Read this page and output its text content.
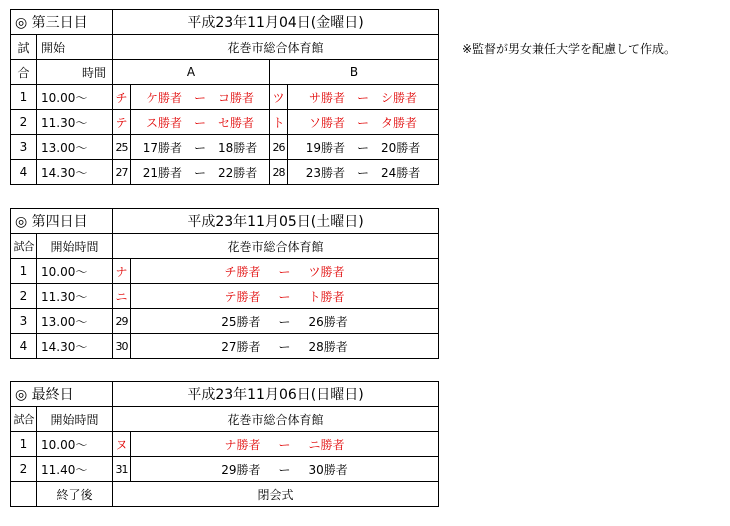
◎ 第三日目		平成23年11月04日(金曜日)			
試	開始	花巻市総合体育館			
合	時間	A		B	
1	10.00～	チ	ケ勝者 ー コ勝者	ツ	サ勝者 ー シ勝者
2	11.30～	テ	ス勝者 ー セ勝者	ト	ソ勝者 ー タ勝者
3	13.00～	25	17勝者 ー 18勝者	26	19勝者 ー 20勝者
4	14.30～	27	21勝者 ー 22勝者	28	23勝者 ー 24勝者
※監督が男女兼任大学を配慮して作成。
◎ 第四日目		平成23年11月05日(土曜日)	
試合	開始時間	花巻市総合体育館	
1	10.00～	ナ	チ勝者 ー ツ勝者
2	11.30～	ニ	テ勝者 ー ト勝者
3	13.00～	29	25勝者 ー 26勝者
4	14.30～	30	27勝者 ー 28勝者
◎ 最終日		平成23年11月06日(日曜日)	
試合	開始時間	花巻市総合体育館	
1	10.00～	ヌ	ナ勝者 ー ニ勝者
2	11.40～	31	29勝者 ー 30勝者
	終了後	閉会式	
